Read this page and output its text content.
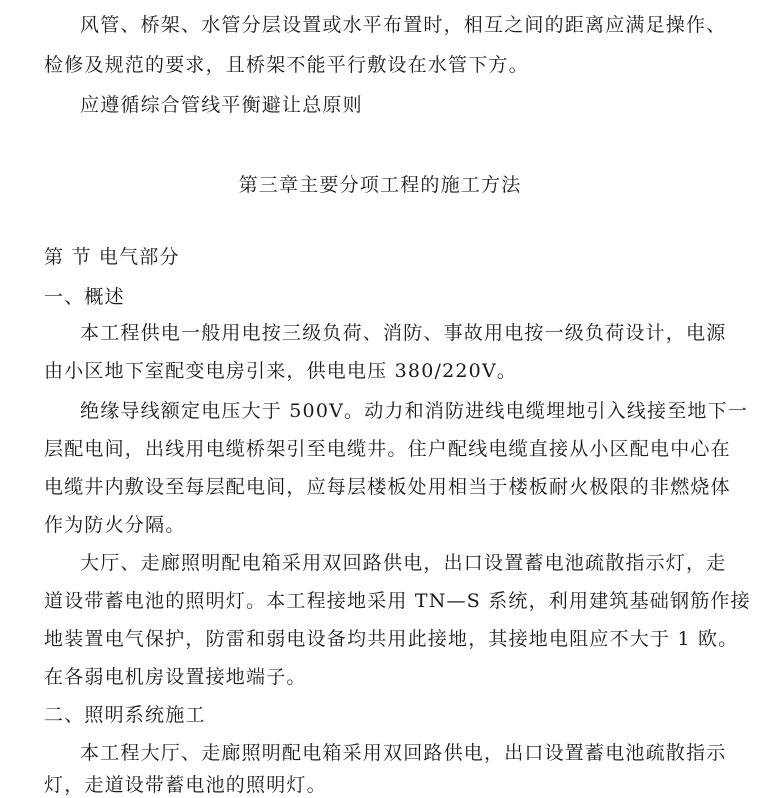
风管、桥架、水管分层设置或水平布置时，相互之间的距离应满足操作、
检修及规范的要求，且桥架不能平行敷设在水管下方。
应遵循综合管线平衡避让总原则
第三章主要分项工程的施工方法
第 节 电气部分
一、概述
本工程供电一般用电按三级负荷、消防、事故用电按一级负荷设计，电源
由小区地下室配变电房引来，供电电压 380/220V。
绝缘导线额定电压大于 500V。动力和消防进线电缆埋地引入线接至地下一
层配电间，出线用电缆桥架引至电缆井。住户配线电缆直接从小区配电中心在
电缆井内敷设至每层配电间，应每层楼板处用相当于楼板耐火极限的非燃烧体
作为防火分隔。
大厅、走廊照明配电箱采用双回路供电，出口设置蓄电池疏散指示灯，走
道设带蓄电池的照明灯。本工程接地采用 TN—S 系统，利用建筑基础钢筋作接
地装置电气保护，防雷和弱电设备均共用此接地，其接地电阻应不大于 1 欧。
在各弱电机房设置接地端子。
二、照明系统施工
本工程大厅、走廊照明配电箱采用双回路供电，出口设置蓄电池疏散指示
灯，走道设带蓄电池的照明灯。
